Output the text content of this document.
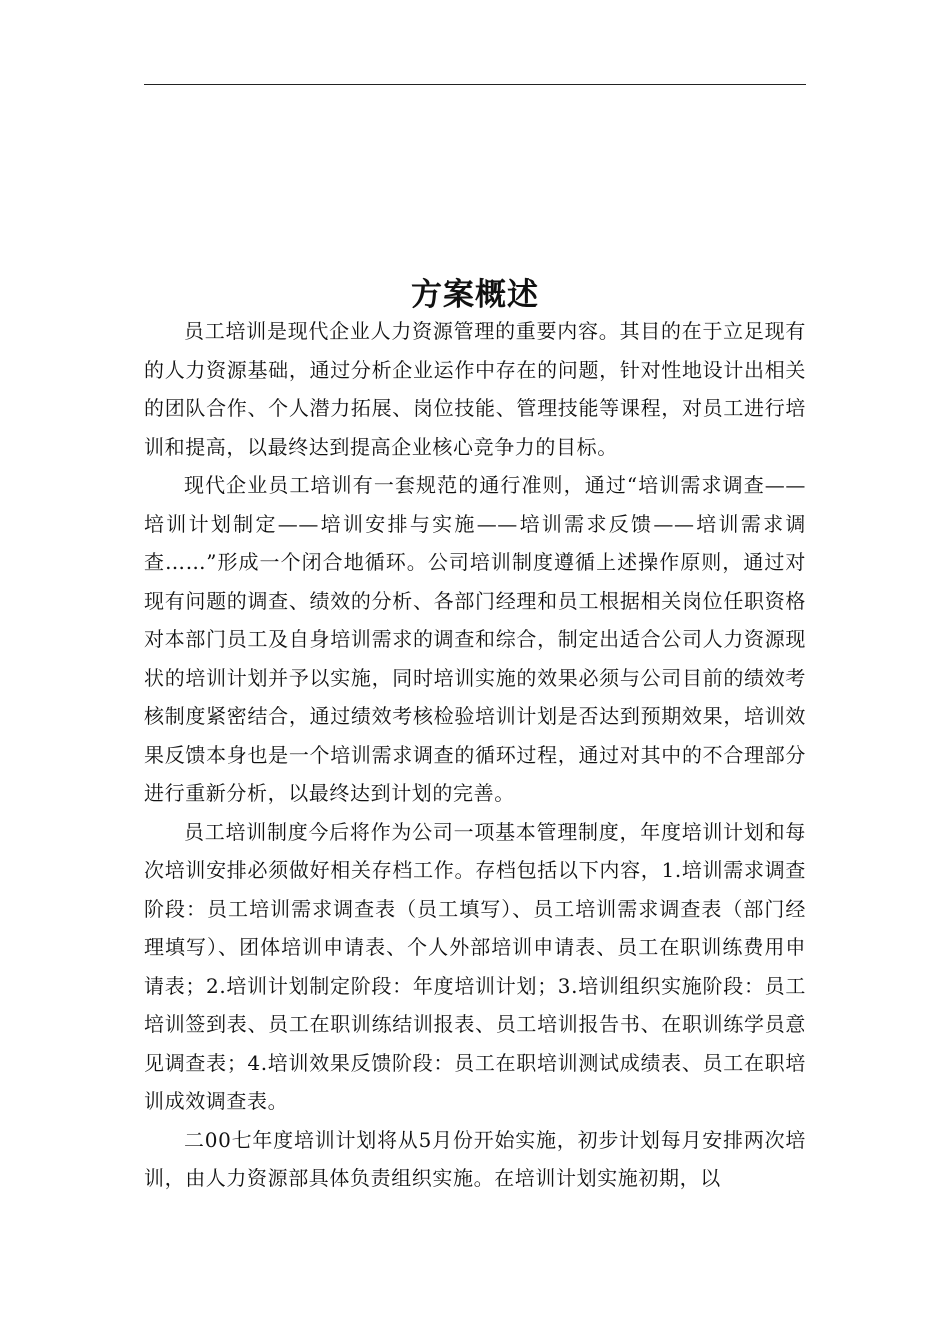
方案概述

员工培训是现代企业人力资源管理的重要内容。其目的在于立足现有的人力资源基础，通过分析企业运作中存在的问题，针对性地设计出相关的团队合作、个人潜力拓展、岗位技能、管理技能等课程，对员工进行培训和提高，以最终达到提高企业核心竞争力的目标。

现代企业员工培训有一套规范的通行准则，通过“培训需求调查——培训计划制定——培训安排与实施——培训需求反馈——培训需求调查……”形成一个闭合地循环。公司培训制度遵循上述操作原则，通过对现有问题的调查、绩效的分析、各部门经理和员工根据相关岗位任职资格对本部门员工及自身培训需求的调查和综合，制定出适合公司人力资源现状的培训计划并予以实施，同时培训实施的效果必须与公司目前的绩效考核制度紧密结合，通过绩效考核检验培训计划是否达到预期效果，培训效果反馈本身也是一个培训需求调查的循环过程，通过对其中的不合理部分进行重新分析，以最终达到计划的完善。

员工培训制度今后将作为公司一项基本管理制度，年度培训计划和每次培训安排必须做好相关存档工作。存档包括以下内容，1.培训需求调查阶段：员工培训需求调查表（员工填写）、员工培训需求调查表（部门经理填写）、团体培训申请表、个人外部培训申请表、员工在职训练费用申请表；2.培训计划制定阶段：年度培训计划；3.培训组织实施阶段：员工培训签到表、员工在职训练结训报表、员工培训报告书、在职训练学员意见调查表；4.培训效果反馈阶段：员工在职培训测试成绩表、员工在职培训成效调查表。

二00七年度培训计划将从5月份开始实施，初步计划每月安排两次培训，由人力资源部具体负责组织实施。在培训计划实施初期，以
